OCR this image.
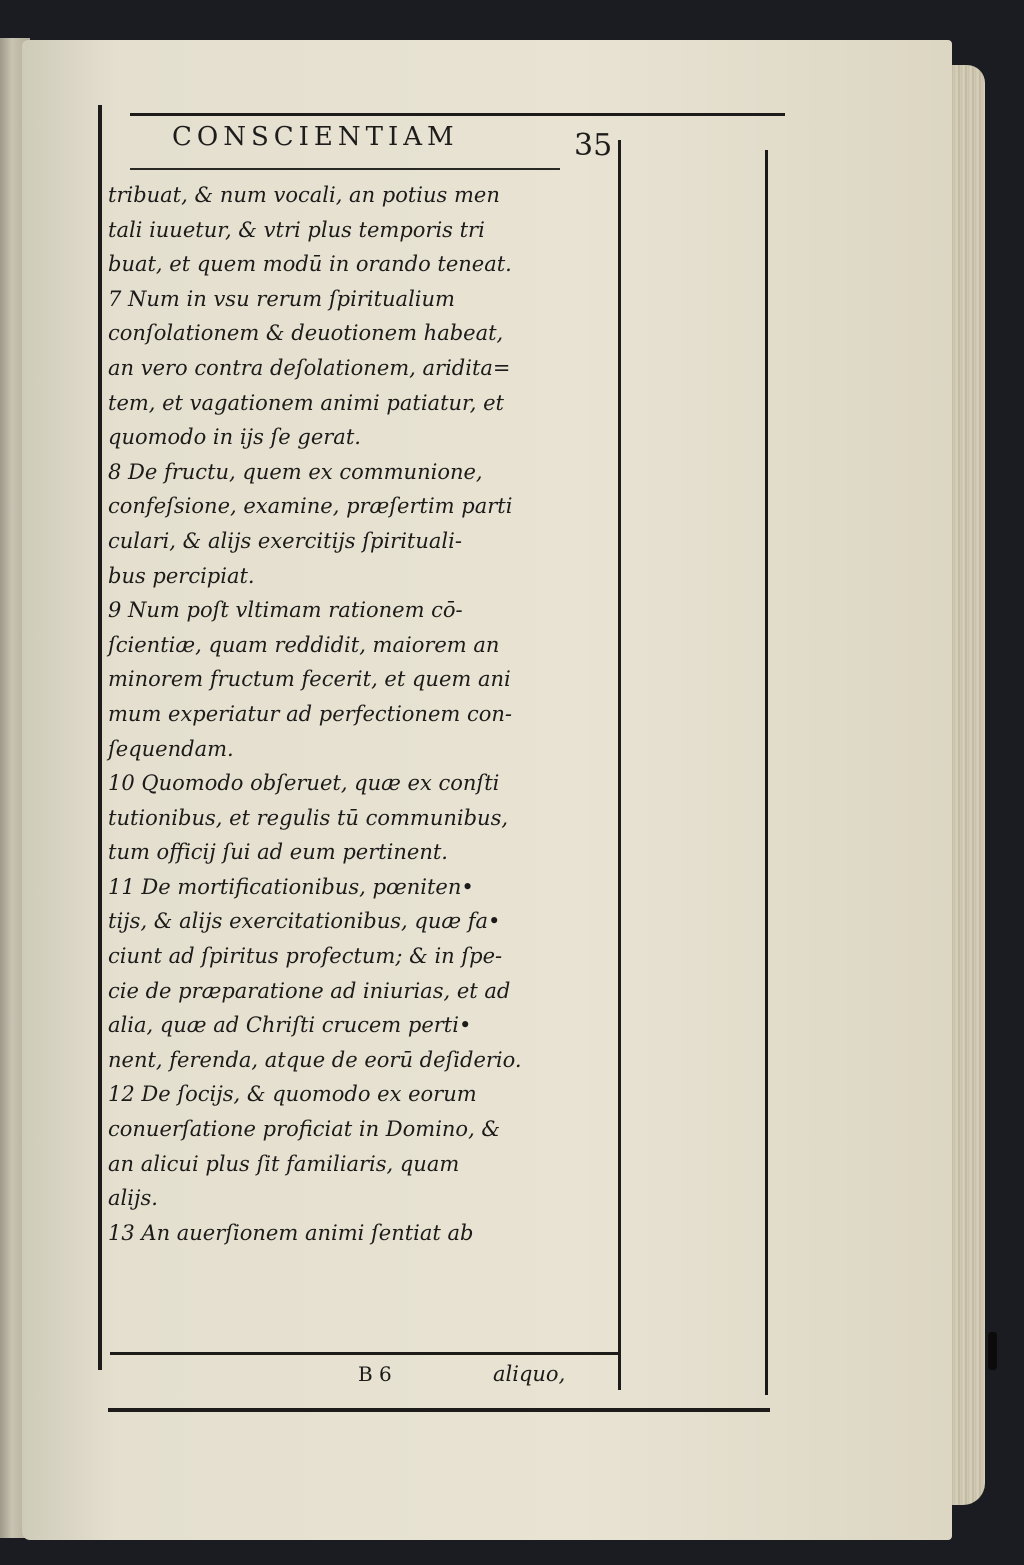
CONSCIENTIAM	35
tribuat, & num vocali, an potius men
tali iuuetur, & vtri plus temporis tri
buat, et quem modū in orando teneat.
7 Num in vsu rerum ſpiritualium
conſolationem & deuotionem habeat,
an vero contra deſolationem, aridita=
tem, et vagationem animi patiatur, et
quomodo in ijs ſe gerat.
8 De fructu, quem ex communione,
confeſsione, examine, præſertim parti
culari, & alijs exercitijs ſpirituali-
bus percipiat.
9 Num poſt vltimam rationem cō-
ſcientiæ, quam reddidit, maiorem an
minorem fructum fecerit, et quem ani
mum experiatur ad perfectionem con-
ſequendam.
10 Quomodo obſeruet, quæ ex conſti
tutionibus, et regulis tū communibus,
tum officij ſui ad eum pertinent.
11 De mortificationibus, pœniten•
tijs, & alijs exercitationibus, quæ fa•
ciunt ad ſpiritus profectum; & in ſpe-
cie de præparatione ad iniurias, et ad
alia, quæ ad Chriſti crucem perti•
nent, ferenda, atque de eorū deſiderio.
12 De ſocijs, & quomodo ex eorum
conuerſatione proficiat in Domino, &
an alicui plus ſit familiaris, quam
alijs.
13 An auerſionem animi ſentiat ab
B 6	aliquo,
